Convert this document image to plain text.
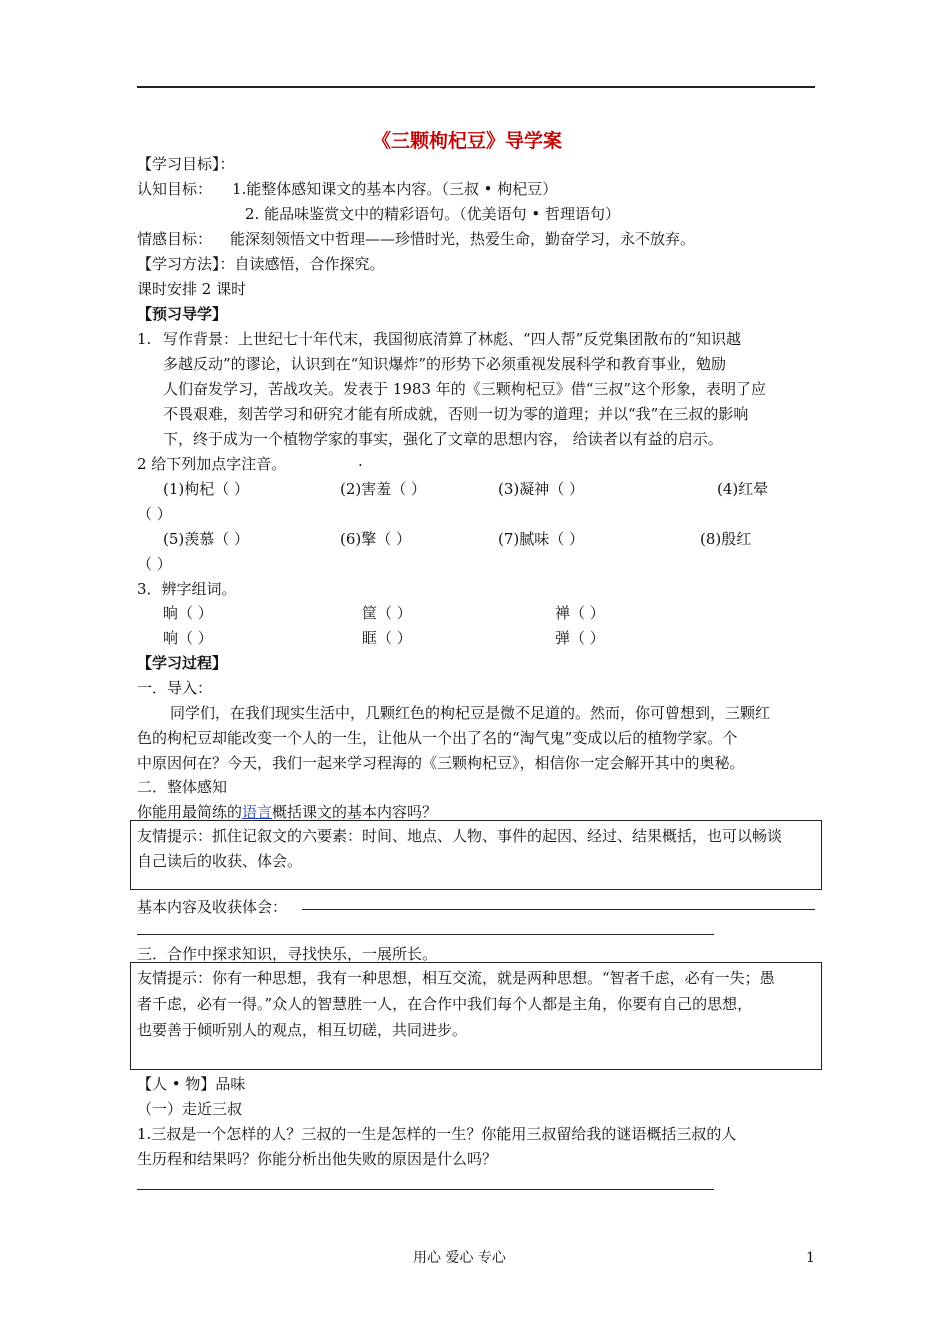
《三颗枸杞豆》导学案
【学习目标】：
认知目标： 1.能整体感知课文的基本内容。（三叔 • 枸杞豆）
2. 能品味鉴赏文中的精彩语句。（优美语句 • 哲理语句）
情感目标： 能深刻领悟文中哲理——珍惜时光，热爱生命，勤奋学习，永不放弃。
【学习方法】：自读感悟，合作探究。
课时安排 2 课时
【预习导学】
1. 写作背景：上世纪七十年代末，我国彻底清算了林彪、“四人帮”反党集团散布的“知识越
多越反动”的谬论，认识到在“知识爆炸”的形势下必须重视发展科学和教育事业，勉励
人们奋发学习，苦战攻关。发表于 1983 年的《三颗枸杞豆》借“三叔”这个形象，表明了应
不畏艰难，刻苦学习和研究才能有所成就，否则一切为零的道理；并以“我”在三叔的影响
下，终于成为一个植物学家的事实，强化了文章的思想内容， 给读者以有益的启示。
2 给下列加点字注音。	.
(1)枸杞（ ）	(2)害羞（ ）	(3)凝神（ ）	(4)红晕
（ ）
(5)羡慕（ ）	(6)擎（ ）	(7)腻味（ ）	(8)殷红
（ ）
3．辨字组词。
晌（ ）	筐（ ）	禅（ ）
响（ ）	眶（ ）	弹（ ）
【学习过程】
一．导入：
同学们，在我们现实生活中，几颗红色的枸杞豆是微不足道的。然而，你可曾想到，三颗红
色的枸杞豆却能改变一个人的一生，让他从一个出了名的“淘气鬼”变成以后的植物学家。个
中原因何在？今天，我们一起来学习程海的《三颗枸杞豆》，相信你一定会解开其中的奥秘。
二．整体感知
你能用最简练的语言概括课文的基本内容吗？
友情提示：抓住记叙文的六要素：时间、地点、人物、事件的起因、经过、结果概括，也可以畅谈
自己读后的收获、体会。
基本内容及收获体会：
三．合作中探求知识，寻找快乐，一展所长。
友情提示：你有一种思想，我有一种思想，相互交流，就是两种思想。“智者千虑，必有一失；愚
者千虑，必有一得。”众人的智慧胜一人，在合作中我们每个人都是主角，你要有自己的思想，
也要善于倾听别人的观点，相互切磋，共同进步。
【人 • 物】品味
（一）走近三叔
1.三叔是一个怎样的人？三叔的一生是怎样的一生？你能用三叔留给我的谜语概括三叔的人
生历程和结果吗？你能分析出他失败的原因是什么吗？
用心 爱心 专心	1
